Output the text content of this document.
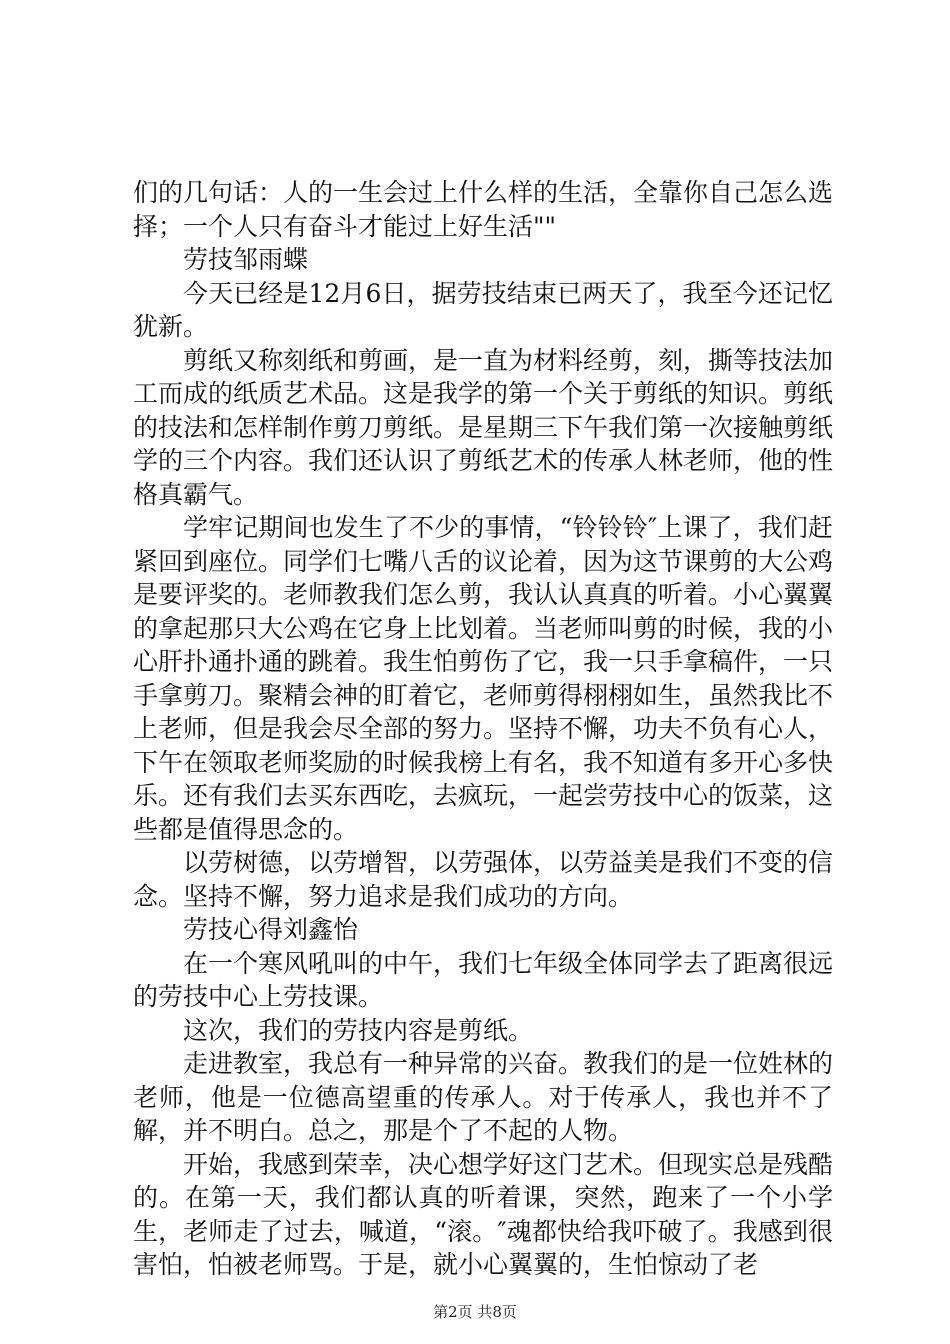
们的几句话：人的一生会过上什么样的生活，全靠你自己怎么选择；一个人只有奋斗才能过上好生活""

劳技邹雨蝶

今天已经是12月6日，据劳技结束已两天了，我至今还记忆犹新。

剪纸又称刻纸和剪画，是一直为材料经剪，刻，撕等技法加工而成的纸质艺术品。这是我学的第一个关于剪纸的知识。剪纸的技法和怎样制作剪刀剪纸。是星期三下午我们第一次接触剪纸学的三个内容。我们还认识了剪纸艺术的传承人林老师，他的性格真霸气。

学牢记期间也发生了不少的事情，“铃铃铃″上课了，我们赶紧回到座位。同学们七嘴八舌的议论着，因为这节课剪的大公鸡是要评奖的。老师教我们怎么剪，我认认真真的听着。小心翼翼的拿起那只大公鸡在它身上比划着。当老师叫剪的时候，我的小心肝扑通扑通的跳着。我生怕剪伤了它，我一只手拿稿件，一只手拿剪刀。聚精会神的盯着它，老师剪得栩栩如生，虽然我比不上老师，但是我会尽全部的努力。坚持不懈，功夫不负有心人，下午在领取老师奖励的时候我榜上有名，我不知道有多开心多快乐。还有我们去买东西吃，去疯玩，一起尝劳技中心的饭菜，这些都是值得思念的。

以劳树德，以劳增智，以劳强体，以劳益美是我们不变的信念。坚持不懈，努力追求是我们成功的方向。

劳技心得刘鑫怡

在一个寒风吼叫的中午，我们七年级全体同学去了距离很远的劳技中心上劳技课。

这次，我们的劳技内容是剪纸。

走进教室，我总有一种异常的兴奋。教我们的是一位姓林的老师，他是一位德高望重的传承人。对于传承人，我也并不了解，并不明白。总之，那是个了不起的人物。

开始，我感到荣幸，决心想学好这门艺术。但现实总是残酷的。在第一天，我们都认真的听着课，突然，跑来了一个小学生，老师走了过去，喊道，“滚。″魂都快给我吓破了。我感到很害怕，怕被老师骂。于是，就小心翼翼的，生怕惊动了老

第2页 共8页
